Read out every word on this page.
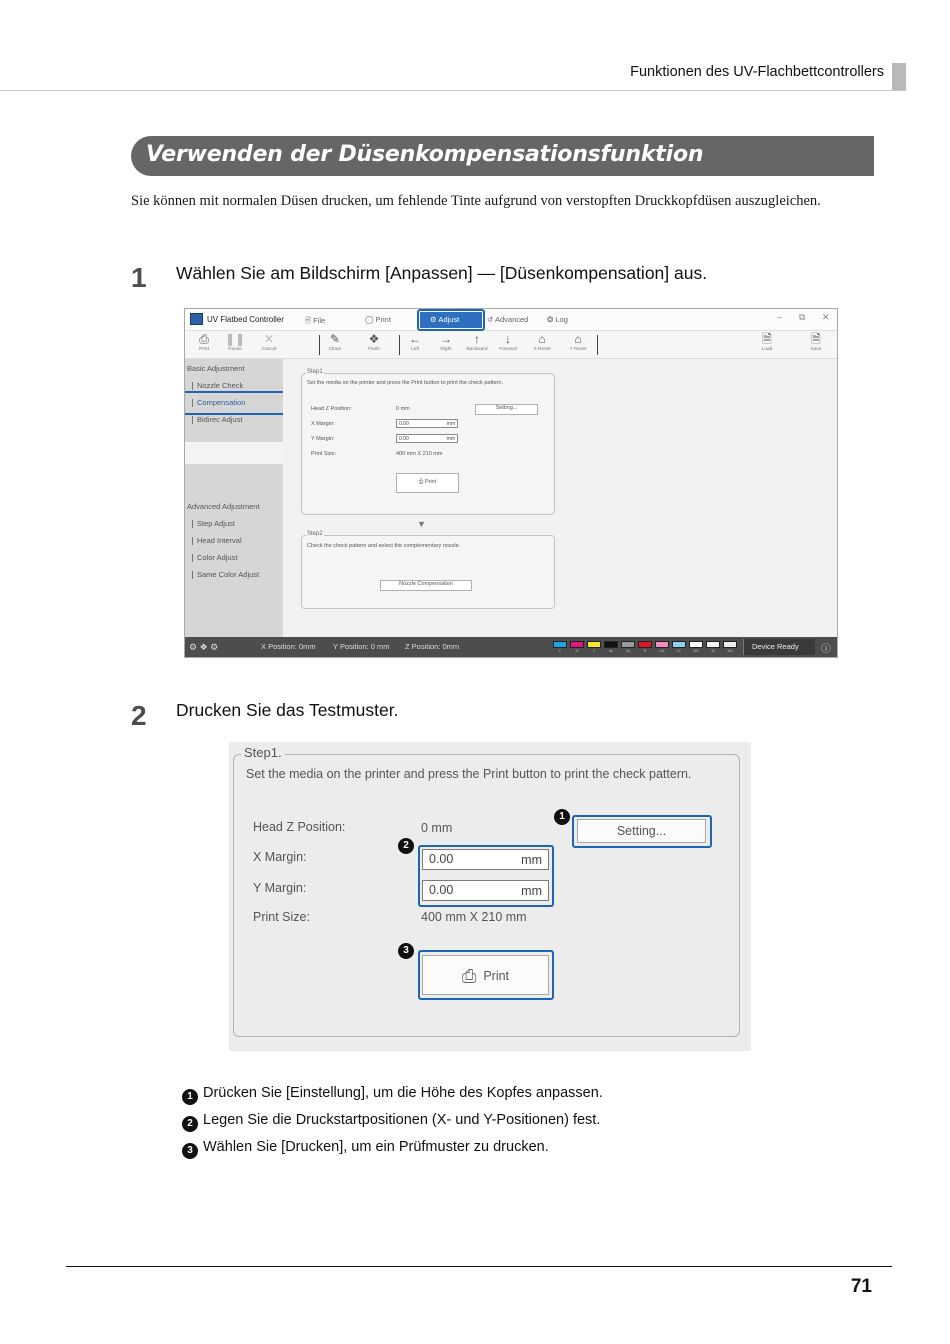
Funktionen des UV-Flachbettcontrollers
Verwenden der Düsenkompensationsfunktion
Sie können mit normalen Düsen drucken, um fehlende Tinte aufgrund von verstopften Druckkopfdüsen auszugleichen.
1 Wählen Sie am Bildschirm [Anpassen] — [Düsenkompensation] aus.
UV Flatbed Controller	🗎 File	◯ Print	⚙ Adjust	↺ Advanced ❂ Log	– ⧉ ✕
⎙
Print
❚❚
Pause
✕
Cancel
✎
Clean
❖
Flush
←
Left
→
Right
↑
Backward
↓
Forward
⌂
X Reset
⌂
Y Reset
🗎
Load
🗎
Save
Basic Adjustment
Nozzle Check
Compensation
Bidirec Adjust
Advanced Adjustment
Step Adjust
Head Interval
Color Adjust
Same Color Adjust
Step1
Set the media on the printer and press the Print button to print the check pattern.
Head Z Position:	0 mm	Setting...
X Margin:	0.00	mm
Y Margin:	0.00	mm
Print Size:	400 mm X 210 mm
⎙ Print
▼
Step2
Check the check pattern and select the complementary nozzle.
Nozzle Compensation
⚙ ❖ ⚙	X Position: 0mm Y Position: 0 mm Z Position: 0mm	C	M	Y	bk	Gy	R	LM	LC	Wh	W	Wh	Device Ready	ⓘ
2 Drucken Sie das Testmuster.
Step1.
Set the media on the printer and press the Print button to print the check pattern.
Head Z Position:	0 mm
1
Setting...
2
X Margin:	0.00	mm
Y Margin:	0.00	mm
Print Size:	400 mm X 210 mm
3
⎙ Print
1 Drücken Sie [Einstellung], um die Höhe des Kopfes anpassen.
2 Legen Sie die Druckstartpositionen (X- und Y-Positionen) fest.
3 Wählen Sie [Drucken], um ein Prüfmuster zu drucken.
71
